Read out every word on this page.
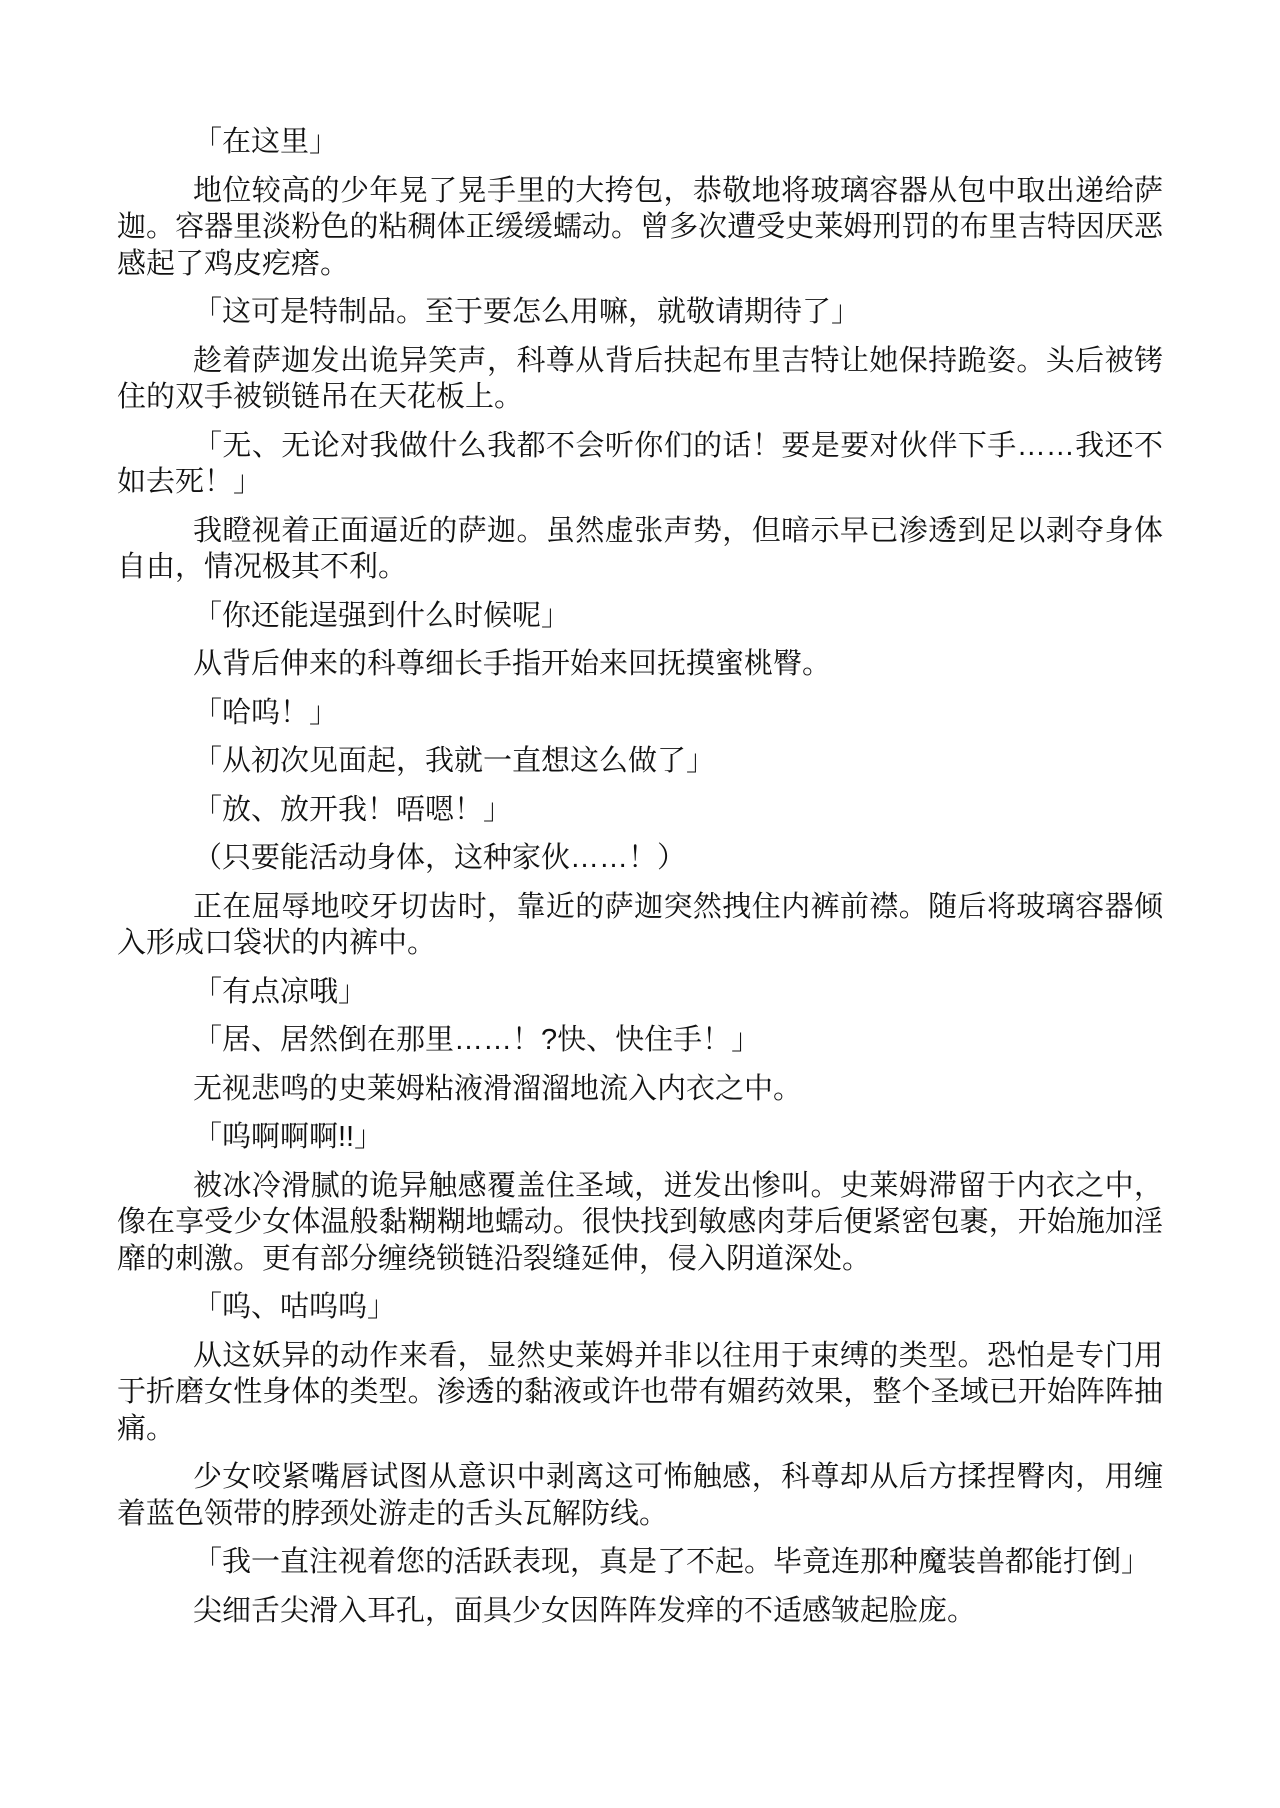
「在这里」

地位较高的少年晃了晃手里的大挎包，恭敬地将玻璃容器从包中取出递给萨迦。容器里淡粉色的粘稠体正缓缓蠕动。曾多次遭受史莱姆刑罚的布里吉特因厌恶感起了鸡皮疙瘩。

「这可是特制品。至于要怎么用嘛，就敬请期待了」

趁着萨迦发出诡异笑声，科尊从背后扶起布里吉特让她保持跪姿。头后被铐住的双手被锁链吊在天花板上。

「无、无论对我做什么我都不会听你们的话！要是要对伙伴下手……我还不如去死！」

我瞪视着正面逼近的萨迦。虽然虚张声势，但暗示早已渗透到足以剥夺身体自由，情况极其不利。

「你还能逞强到什么时候呢」

从背后伸来的科尊细长手指开始来回抚摸蜜桃臀。

「哈呜！」

「从初次见面起，我就一直想这么做了」

「放、放开我！唔嗯！」

（只要能活动身体，这种家伙……！）

正在屈辱地咬牙切齿时，靠近的萨迦突然拽住内裤前襟。随后将玻璃容器倾入形成口袋状的内裤中。

「有点凉哦」

「居、居然倒在那里……！?快、快住手！」

无视悲鸣的史莱姆粘液滑溜溜地流入内衣之中。

「呜啊啊啊!!」

被冰冷滑腻的诡异触感覆盖住圣域，迸发出惨叫。史莱姆滞留于内衣之中，像在享受少女体温般黏糊糊地蠕动。很快找到敏感肉芽后便紧密包裹，开始施加淫靡的刺激。更有部分缠绕锁链沿裂缝延伸，侵入阴道深处。

「呜、咕呜呜」

从这妖异的动作来看，显然史莱姆并非以往用于束缚的类型。恐怕是专门用于折磨女性身体的类型。渗透的黏液或许也带有媚药效果，整个圣域已开始阵阵抽痛。

少女咬紧嘴唇试图从意识中剥离这可怖触感，科尊却从后方揉捏臀肉，用缠着蓝色领带的脖颈处游走的舌头瓦解防线。

「我一直注视着您的活跃表现，真是了不起。毕竟连那种魔装兽都能打倒」

尖细舌尖滑入耳孔，面具少女因阵阵发痒的不适感皱起脸庞。
